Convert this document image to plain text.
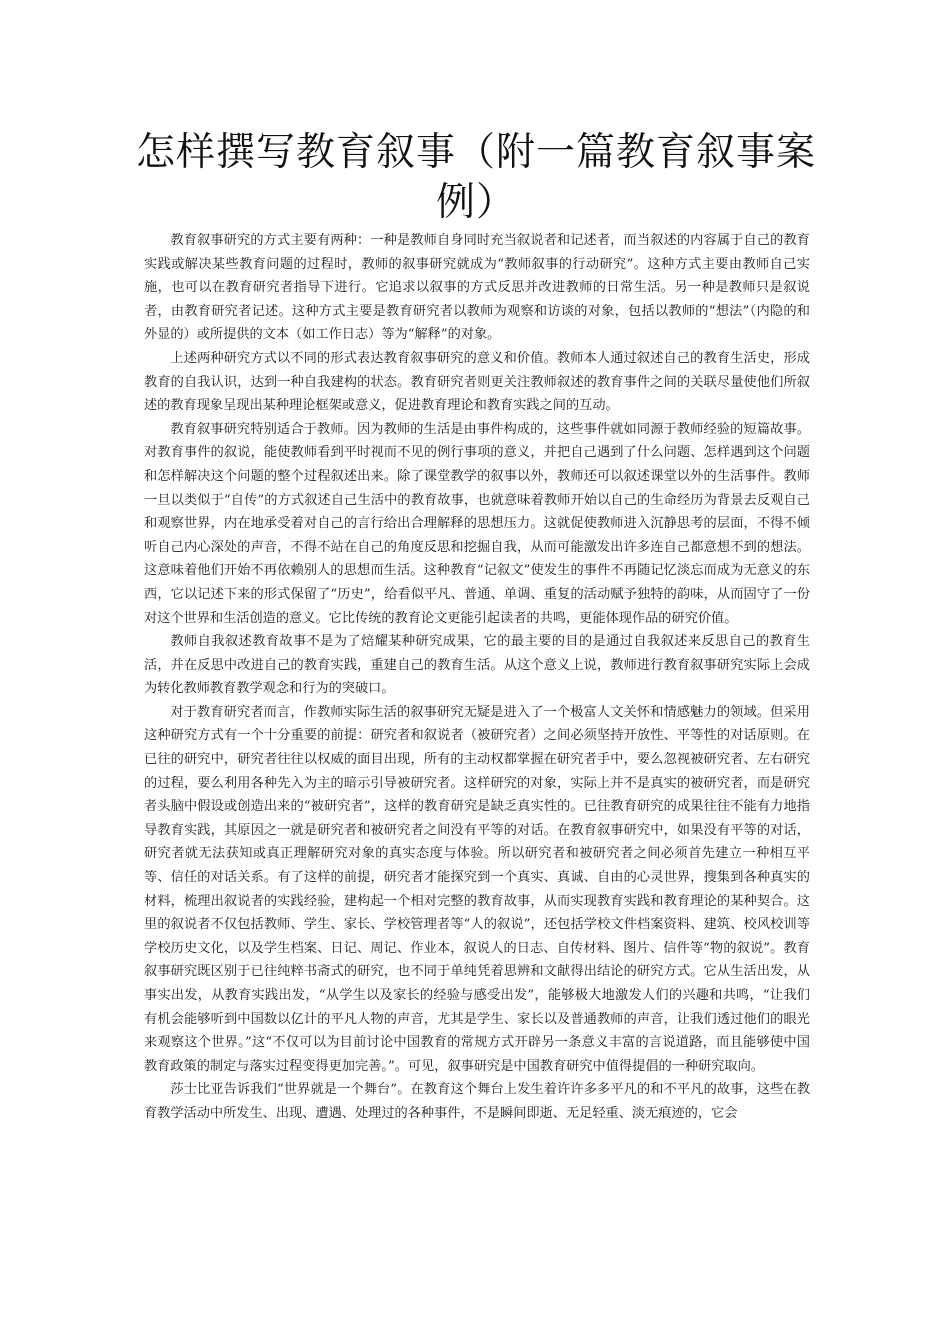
怎样撰写教育叙事（附一篇教育叙事案例）

教育叙事研究的方式主要有两种：一种是教师自身同时充当叙说者和记述者，而当叙述的内容属于自己的教育实践或解决某些教育问题的过程时，教师的叙事研究就成为“教师叙事的行动研究”。这种方式主要由教师自己实施，也可以在教育研究者指导下进行。它追求以叙事的方式反思并改进教师的日常生活。另一种是教师只是叙说者，由教育研究者记述。这种方式主要是教育研究者以教师为观察和访谈的对象，包括以教师的“想法”（内隐的和外显的）或所提供的文本（如工作日志）等为“解释”的对象。

上述两种研究方式以不同的形式表达教育叙事研究的意义和价值。教师本人通过叙述自己的教育生活史，形成教育的自我认识，达到一种自我建构的状态。教育研究者则更关注教师叙述的教育事件之间的关联尽量使他们所叙述的教育现象呈现出某种理论框架或意义，促进教育理论和教育实践之间的互动。

教育叙事研究特别适合于教师。因为教师的生活是由事件构成的，这些事件就如同源于教师经验的短篇故事。对教育事件的叙说，能使教师看到平时视而不见的例行事项的意义，并把自己遇到了什么问题、怎样遇到这个问题和怎样解决这个问题的整个过程叙述出来。除了课堂教学的叙事以外，教师还可以叙述课堂以外的生活事件。教师一旦以类似于“自传”的方式叙述自己生活中的教育故事，也就意味着教师开始以自己的生命经历为背景去反观自己和观察世界，内在地承受着对自己的言行给出合理解释的思想压力。这就促使教师进入沉静思考的层面，不得不倾听自己内心深处的声音，不得不站在自己的角度反思和挖掘自我，从而可能激发出许多连自己都意想不到的想法。这意味着他们开始不再依赖别人的思想而生活。这种教育“记叙文”使发生的事件不再随记忆淡忘而成为无意义的东西，它以记述下来的形式保留了“历史”，给看似平凡、普通、单调、重复的活动赋予独特的韵味，从而固守了一份对这个世界和生活创造的意义。它比传统的教育论文更能引起读者的共鸣，更能体现作品的研究价值。

教师自我叙述教育故事不是为了焙耀某种研究成果，它的最主要的目的是通过自我叙述来反思自己的教育生活，并在反思中改进自己的教育实践，重建自己的教育生活。从这个意义上说，教师进行教育叙事研究实际上会成为转化教师教育教学观念和行为的突破口。

对于教育研究者而言，作教师实际生活的叙事研究无疑是进入了一个极富人文关怀和情感魅力的领域。但采用这种研究方式有一个十分重要的前提：研究者和叙说者（被研究者）之间必须坚持开放性、平等性的对话原则。在已往的研究中，研究者往往以权威的面目出现，所有的主动权都掌握在研究者手中，要么忽视被研究者、左右研究的过程，要么利用各种先入为主的暗示引导被研究者。这样研究的对象，实际上并不是真实的被研究者，而是研究者头脑中假设或创造出来的“被研究者”，这样的教育研究是缺乏真实性的。已往教育研究的成果往往不能有力地指导教育实践，其原因之一就是研究者和被研究者之间没有平等的对话。在教育叙事研究中，如果没有平等的对话，研究者就无法获知或真正理解研究对象的真实态度与体验。所以研究者和被研究者之间必须首先建立一种相互平等、信任的对话关系。有了这样的前提，研究者才能探究到一个真实、真诚、自由的心灵世界，搜集到各种真实的材料，梳理出叙说者的实践经验，建构起一个相对完整的教育故事，从而实现教育实践和教育理论的某种契合。这里的叙说者不仅包括教师、学生、家长、学校管理者等“人的叙说”，还包括学校文件档案资料、建筑、校风校训等学校历史文化，以及学生档案、日记、周记、作业本，叙说人的日志、自传材料、图片、信件等“物的叙说”。教育叙事研究既区别于已往纯粹书斋式的研究，也不同于单纯凭着思辨和文献得出结论的研究方式。它从生活出发，从事实出发，从教育实践出发，“从学生以及家长的经验与感受出发”，能够极大地激发人们的兴趣和共鸣，“让我们有机会能够听到中国数以亿计的平凡人物的声音，尤其是学生、家长以及普通教师的声音，让我们透过他们的眼光来观察这个世界。”这“不仅可以为目前讨论中国教育的常规方式开辟另一条意义丰富的言说道路，而且能够使中国教育政策的制定与落实过程变得更加完善。”。可见，叙事研究是中国教育研究中值得提倡的一种研究取向。

莎士比亚告诉我们“世界就是一个舞台”。在教育这个舞台上发生着许许多多平凡的和不平凡的故事，这些在教育教学活动中所发生、出现、遭遇、处理过的各种事件，不是瞬间即逝、无足轻重、淡无痕迹的，它会
